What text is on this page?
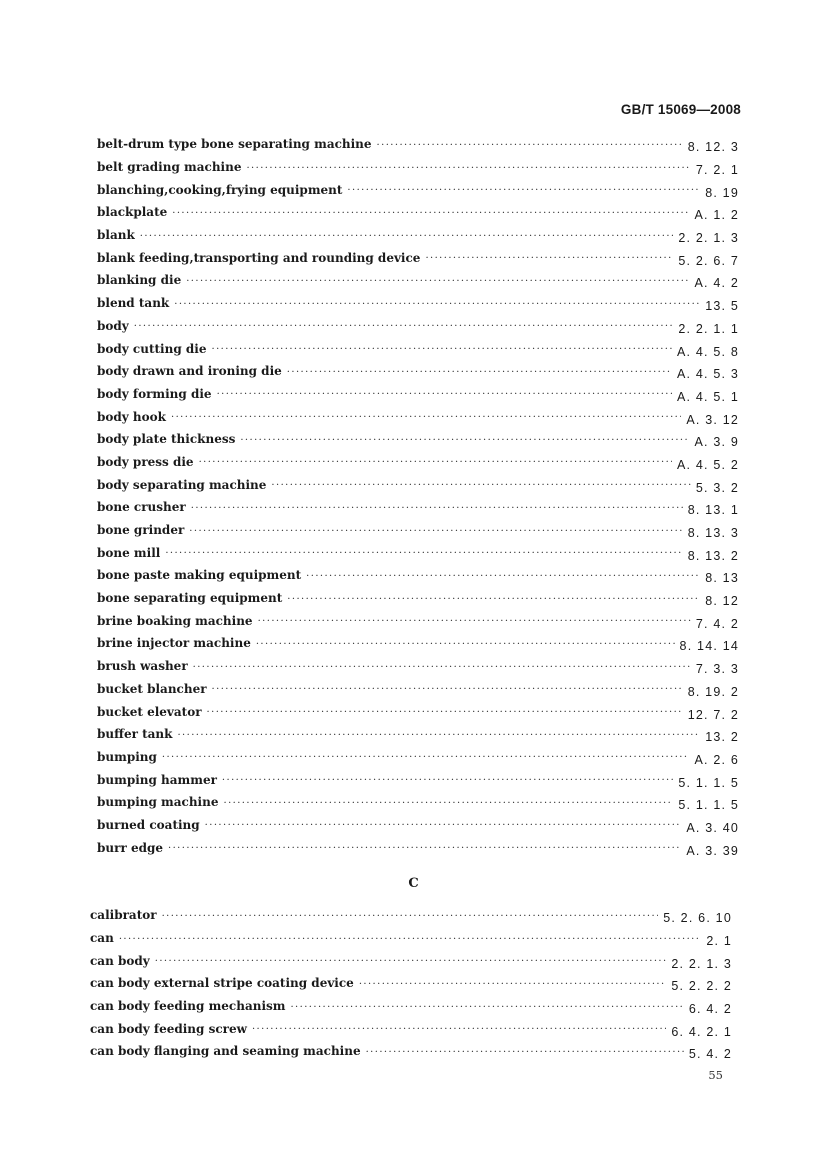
GB/T 15069—2008
belt-drum type bone separating machine ·····	8. 12. 3
belt grading machine ·····	7. 2. 1
blanching,cooking,frying equipment ·····	8. 19
blackplate ·····	A. 1. 2
blank ·····	2. 2. 1. 3
blank feeding,transporting and rounding device ·····	5. 2. 6. 7
blanking die ·····	A. 4. 2
blend tank ·····	13. 5
body ·····	2. 2. 1. 1
body cutting die ·····	A. 4. 5. 8
body drawn and ironing die ·····	A. 4. 5. 3
body forming die ·····	A. 4. 5. 1
body hook ·····	A. 3. 12
body plate thickness ·····	A. 3. 9
body press die ·····	A. 4. 5. 2
body separating machine ·····	5. 3. 2
bone crusher ·····	8. 13. 1
bone grinder ·····	8. 13. 3
bone mill ·····	8. 13. 2
bone paste making equipment ·····	8. 13
bone separating equipment ·····	8. 12
brine boaking machine ·····	7. 4. 2
brine injector machine ·····	8. 14. 14
brush washer ·····	7. 3. 3
bucket blancher ·····	8. 19. 2
bucket elevator ·····	12. 7. 2
buffer tank ·····	13. 2
bumping ·····	A. 2. 6
bumping hammer ·····	5. 1. 1. 5
bumping machine ·····	5. 1. 1. 5
burned coating ·····	A. 3. 40
burr edge ·····	A. 3. 39
C
calibrator ·····	5. 2. 6. 10
can ·····	2. 1
can body ·····	2. 2. 1. 3
can body external stripe coating device ·····	5. 2. 2. 2
can body feeding mechanism ·····	6. 4. 2
can body feeding screw ·····	6. 4. 2. 1
can body flanging and seaming machine ·····	5. 4. 2
55
